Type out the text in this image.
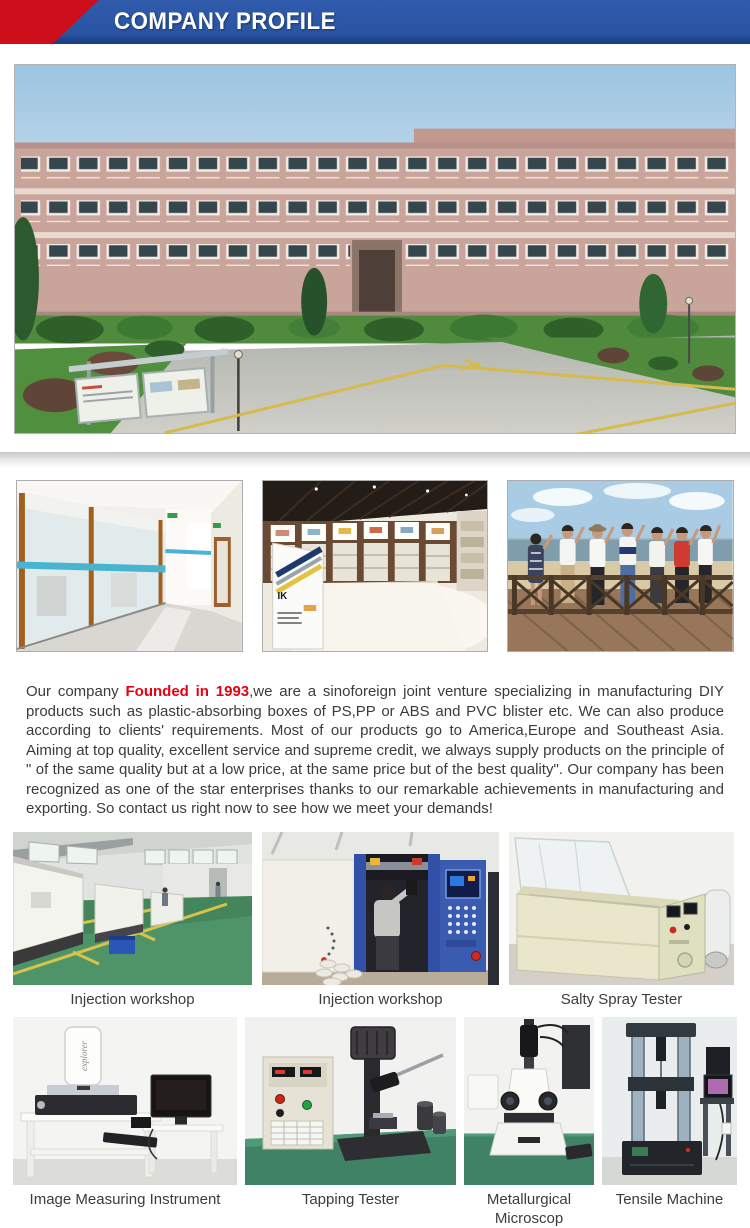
COMPANY PROFILE
IK

Our company Founded in 1993,we are a sinoforeign joint venture specializing in manufacturing DIY products such as plastic-absorbing boxes of PS,PP or ABS and PVC blister etc. We can also produce according to clients' requirements. Most of our products go to America,Europe and Southeast Asia. Aiming at top quality, excellent service and supreme credit, we always supply products on the principle of " of the same quality but at a low price, at the same price but of the best quality". Our company has been recognized as one of the star enterprises thanks to our remarkable achievements in manufacturing and exporting. So contact us right now to see how we meet your demands!

Injection workshop	Injection workshop	Salty Spray Tester
explorer
Image Measuring Instrument	Tapping Tester	Metallurgical Microscop
Tensile Machine
